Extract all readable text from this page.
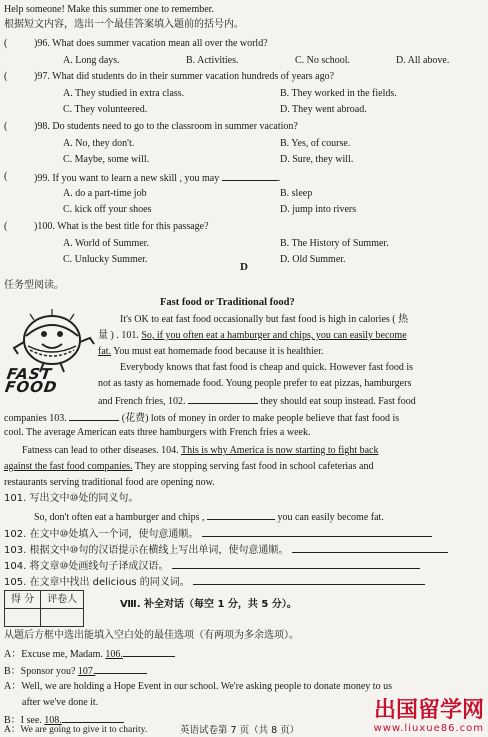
Help someone! Make this summer one to remember.
根据短文内容，选出一个最佳答案填入题前的括号内。
(	)96. What does summer vacation mean all over the world?
A. Long days.	B. Activities.	C. No school.	D. All above.
(	)97. What did students do in their summer vacation hundreds of years ago?
A. They studied in extra class.	B. They worked in the fields.
C. They volunteered.	D. They went abroad.
(	)98. Do students need to go to the classroom in summer vacation?
A. No, they don't.	B. Yes, of course.
C. Maybe, some will.	D. Sure, they will.
(	)99. If you want to learn a new skill , you may	.
A. do a part-time job	B. sleep
C. kick off your shoes	D. jump into rivers
(	)100. What is the best title for this passage?
A. World of Summer.	B. The History of Summer.
C. Unlucky Summer.	D. Old Summer.
D
任务型阅读。
Fast food or Traditional food?
FAST FOOD
It's OK to eat fast food occasionally but fast food is high in calories ( 热
量 ) . 101. So, if you often eat a hamburger and chips, you can easily become
fat. You must eat homemade food because it is healthier.
Everybody knows that fast food is cheap and quick. However fast food is
not as tasty as homemade food. Young people prefer to eat pizzas, hamburgers
and French fries, 102.	they should eat soup instead. Fast food
companies 103.	(花费) lots of money in order to make people believe that fast food is
cool. The average American eats three hamburgers with French fries a week.
Fatness can lead to other diseases. 104. This is why America is now starting to fight back
against the fast food companies. They are stopping serving fast food in school cafeterias and
restaurants serving traditional food are opening now.
101. 写出文中⑩处的同义句。
So, don't often eat a hamburger and chips ,	you can easily become fat.
102. 在文中⑩处填入一个词，使句意通顺。
103. 根据文中⑩句的汉语提示在横线上写出单词，使句意通顺。
104. 将文章⑩处画线句子译成汉语。
105. 在文章中找出 delicious 的同义词。
得 分	评卷人
		Ⅷ. 补全对话（每空 1 分，共 5 分）。
从题后方框中选出能填入空白处的最佳选项（有两项为多余选项）。
A：Excuse me, Madam. 106.
B：Sponsor you? 107.
A：Well, we are holding a Hope Event in our school. We're asking people to donate money to us
after we've done it.
B：I see. 108.
A：We are going to give it to charity.	英语试卷第 7 页（共 8 页）
出国留学网
www.liuxue86.com
